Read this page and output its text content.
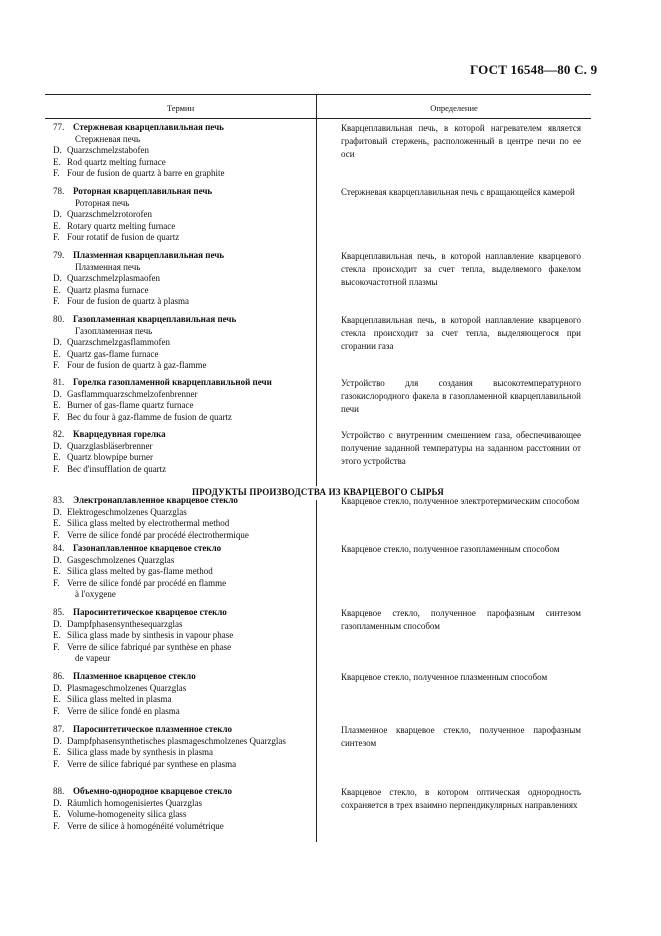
ГОСТ 16548—80 С. 9
Термин	Определение
ПРОДУКТЫ ПРОИЗВОДСТВА ИЗ КВАРЦЕВОГО СЫРЬЯ
77. Стержневая кварцеплавильная печь
Стержневая печь
D. Quarzschmelzstabofen
E. Rod quartz melting furnace
F. Four de fusion de quartz à barre en graphite
Кварцеплавильная печь, в которой нагревателем является графитовый стержень, расположенный в центре печи по ее оси
78. Роторная кварцеплавильная печь
Роторная печь
D. Quarzschmelzrotorofen
E. Rotary quartz melting furnace
F. Four rotatif de fusion de quartz
Стержневая кварцеплавильная печь с вращающейся камерой
79. Плазменная кварцеплавильная печь
Плазменная печь
D. Quarzschmelzplasmaofen
E. Quartz plasma furnace
F. Four de fusion de quartz à plasma
Кварцеплавильная печь, в которой наплавление кварцевого стекла происходит за счет тепла, выделяемого факелом высокочастотной плазмы
80. Газопламенная кварцеплавильная печь
Газопламенная печь
D. Quarzschmelzgasflammofen
E. Quartz gas-flame furnace
F. Four de fusion de quartz à gaz-flamme
Кварцеплавильная печь, в которой наплавление кварцевого стекла происходит за счет тепла, выделяющегося при сгорании газа
81. Горелка газопламенной кварцеплавильной печи
D. Gasflammquarzschmelzofenbrenner
E. Burner of gas-flame quartz furnace
F. Bec du four à gaz-flamme de fusion de quartz
Устройство для создания высокотемпературного газокислородного факела в газопламенной кварцеплавильной печи
82. Кварцедувная горелка
D. Quarzglasbläserbrenner
E. Quartz blowpipe burner
F. Bec d'insufflation de quartz
Устройство с внутренним смешением газа, обеспечивающее получение заданной температуры на заданном расстоянии от этого устройства
83. Электронаплавленное кварцевое стекло
D. Elektrogeschmolzenes Quarzglas
E. Silica glass melted by electrothermal method
F. Verre de silice fondé par procédé électrothermique
Кварцевое стекло, полученное электротермическим способом
84. Газонаплавленное кварцевое стекло
D. Gasgeschmolzenes Quarzglas
E. Silica glass melted by gas-flame method
F. Verre de silice fondé par procédé en flamme
à l'oxygene
Кварцевое стекло, полученное газопламенным способом
85. Паросинтетическое кварцевое стекло
D. Dampfphasensynthesequarzglas
E. Silica glass made by sinthesis in vapour phase
F. Verre de silice fabriqué par synthèse en phase
de vapeur
Кварцевое стекло, полученное парофазным синтезом газопламенным способом
86. Плазменное кварцевое стекло
D. Plasmageschmolzenes Quarzglas
E. Silica glass melted in plasma
F. Verre de silice fondé en plasma
Кварцевое стекло, полученное плазменным способом
87. Паросинтетическое плазменное стекло
D. Dampfphasensynthetisches plasmageschmolzenes Quarzglas
E. Silica glass made by synthesis in plasma
F. Verre de silice fabriqué par synthese en plasma
Плазменное кварцевое стекло, полученное парофазным синтезом
88. Объемно-однородное кварцевое стекло
D. Räumlich homogenisiertes Quarzglas
E. Volume-homogeneity silica glass
F. Verre de silice à homogénéité volumétrique
Кварцевое стекло, в котором оптическая однородность сохраняется в трех взаимно перпендикулярных направлениях
